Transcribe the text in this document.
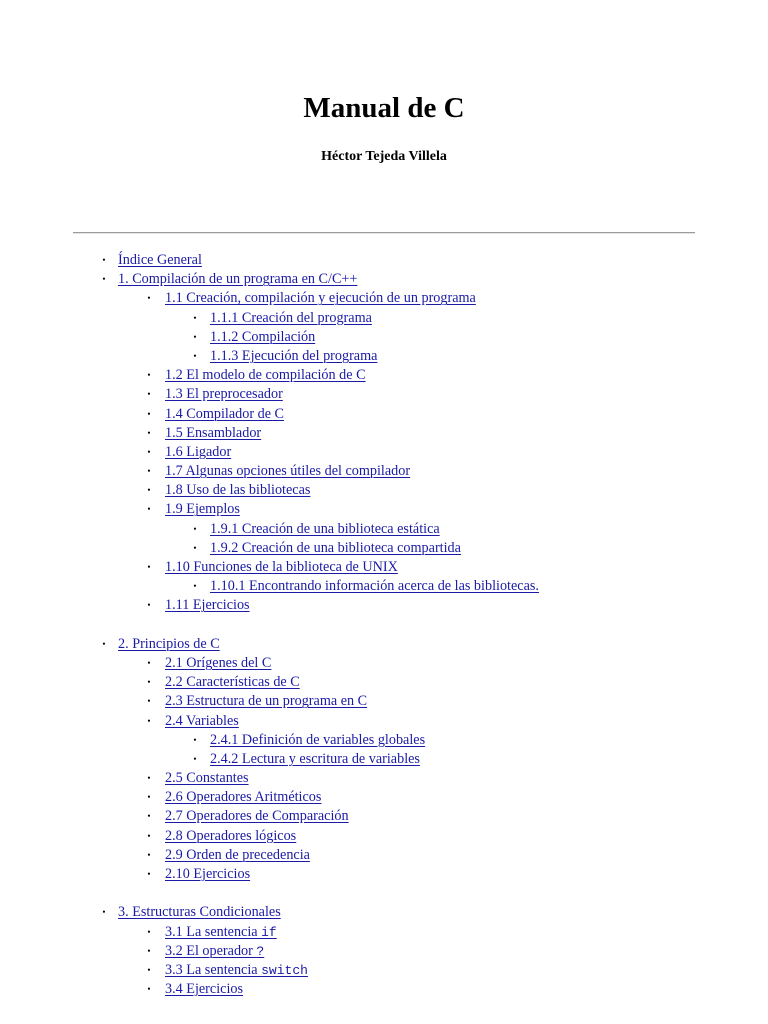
Manual de C
Héctor Tejeda Villela
• Índice General
• 1. Compilación de un programa en C/C++
• 1.1 Creación, compilación y ejecución de un programa
• 1.1.1 Creación del programa
• 1.1.2 Compilación
• 1.1.3 Ejecución del programa
• 1.2 El modelo de compilación de C
• 1.3 El preprocesador
• 1.4 Compilador de C
• 1.5 Ensamblador
• 1.6 Ligador
• 1.7 Algunas opciones útiles del compilador
• 1.8 Uso de las bibliotecas
• 1.9 Ejemplos
• 1.9.1 Creación de una biblioteca estática
• 1.9.2 Creación de una biblioteca compartida
• 1.10 Funciones de la biblioteca de UNIX
• 1.10.1 Encontrando información acerca de las bibliotecas.
• 1.11 Ejercicios
• 2. Principios de C
• 2.1 Orígenes del C
• 2.2 Características de C
• 2.3 Estructura de un programa en C
• 2.4 Variables
• 2.4.1 Definición de variables globales
• 2.4.2 Lectura y escritura de variables
• 2.5 Constantes
• 2.6 Operadores Aritméticos
• 2.7 Operadores de Comparación
• 2.8 Operadores lógicos
• 2.9 Orden de precedencia
• 2.10 Ejercicios
• 3. Estructuras Condicionales
• 3.1 La sentencia if
• 3.2 El operador ?
• 3.3 La sentencia switch
• 3.4 Ejercicios
